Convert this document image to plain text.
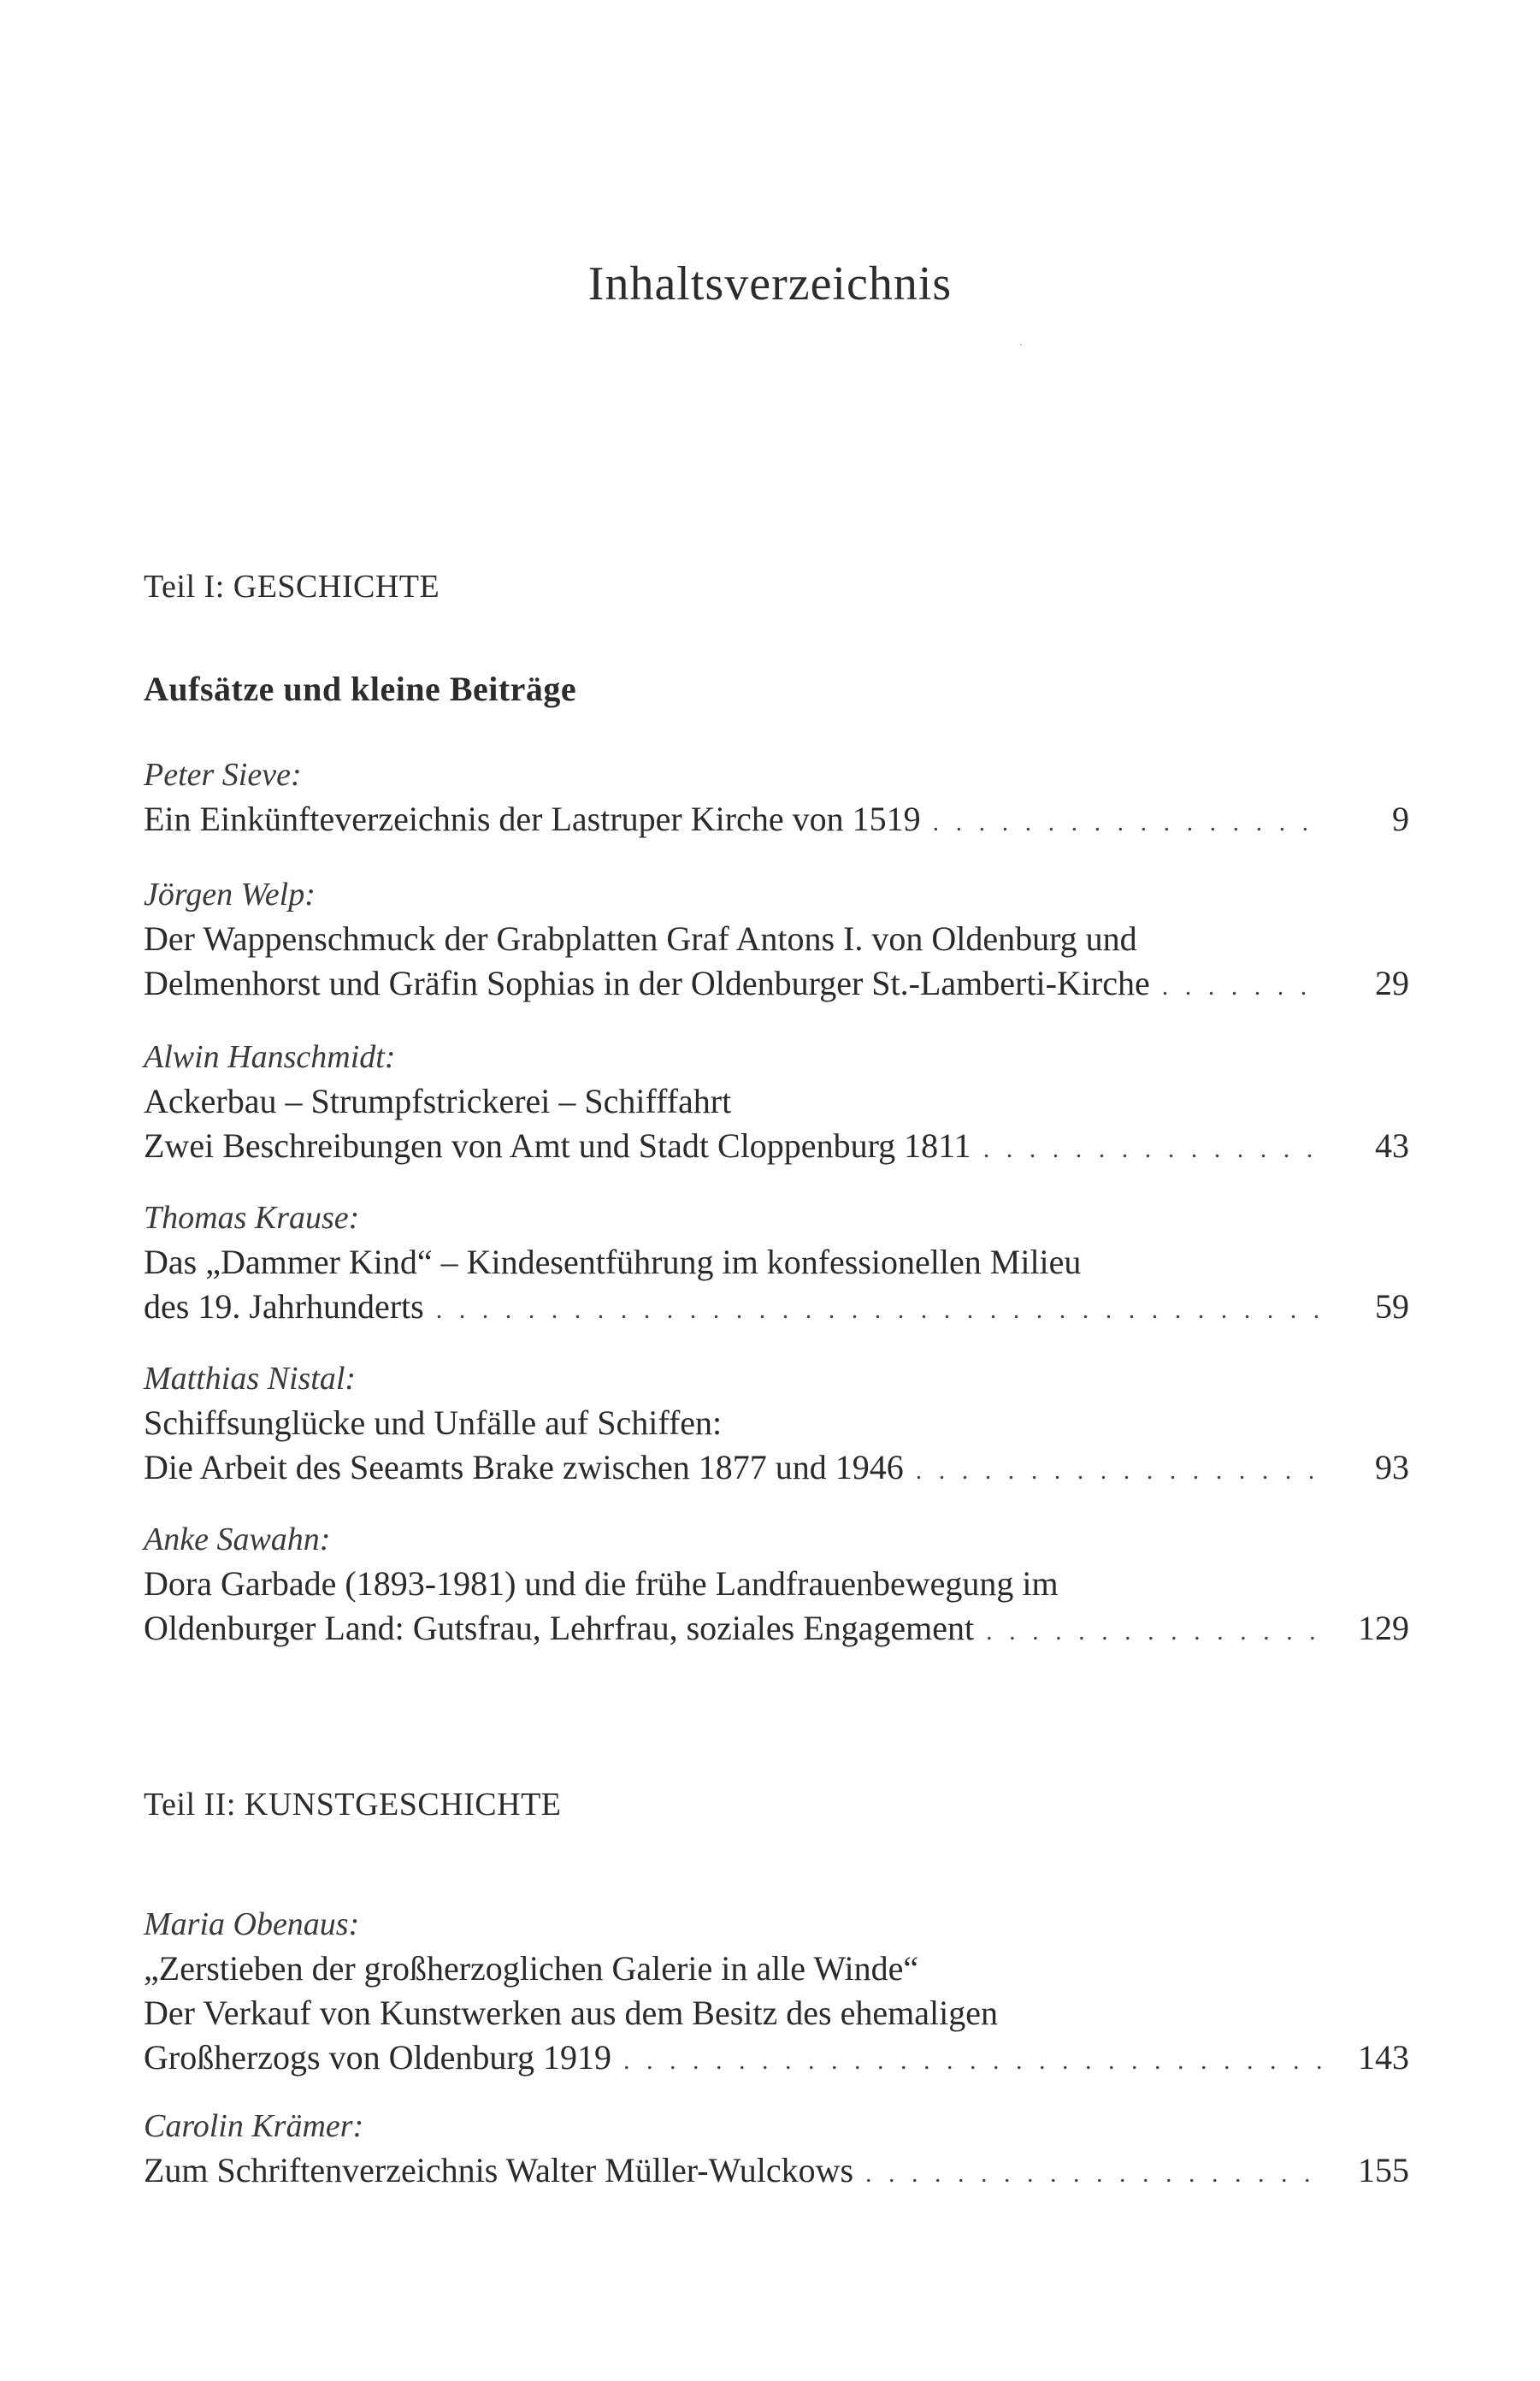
Inhaltsverzeichnis
Teil I: GESCHICHTE
Aufsätze und kleine Beiträge
Peter Sieve:
Ein Einkünfteverzeichnis der Lastruper Kirche von 1519 . . .	9
Jörgen Welp:
Der Wappenschmuck der Grabplatten Graf Antons I. von Oldenburg und
Delmenhorst und Gräfin Sophias in der Oldenburger St.-Lamberti-Kirche . . .	29
Alwin Hanschmidt:
Ackerbau – Strumpfstrickerei – Schifffahrt
Zwei Beschreibungen von Amt und Stadt Cloppenburg 1811 . . .	43
Thomas Krause:
Das „Dammer Kind“ – Kindesentführung im konfessionellen Milieu
des 19. Jahrhunderts . . .	59
Matthias Nistal:
Schiffsunglücke und Unfälle auf Schiffen:
Die Arbeit des Seeamts Brake zwischen 1877 und 1946 . . .	93
Anke Sawahn:
Dora Garbade (1893-1981) und die frühe Landfrauenbewegung im
Oldenburger Land: Gutsfrau, Lehrfrau, soziales Engagement . . .	129
Teil II: KUNSTGESCHICHTE
Maria Obenaus:
„Zerstieben der großherzoglichen Galerie in alle Winde“
Der Verkauf von Kunstwerken aus dem Besitz des ehemaligen
Großherzogs von Oldenburg 1919 . . .	143
Carolin Krämer:
Zum Schriftenverzeichnis Walter Müller-Wulckows . . .	155
